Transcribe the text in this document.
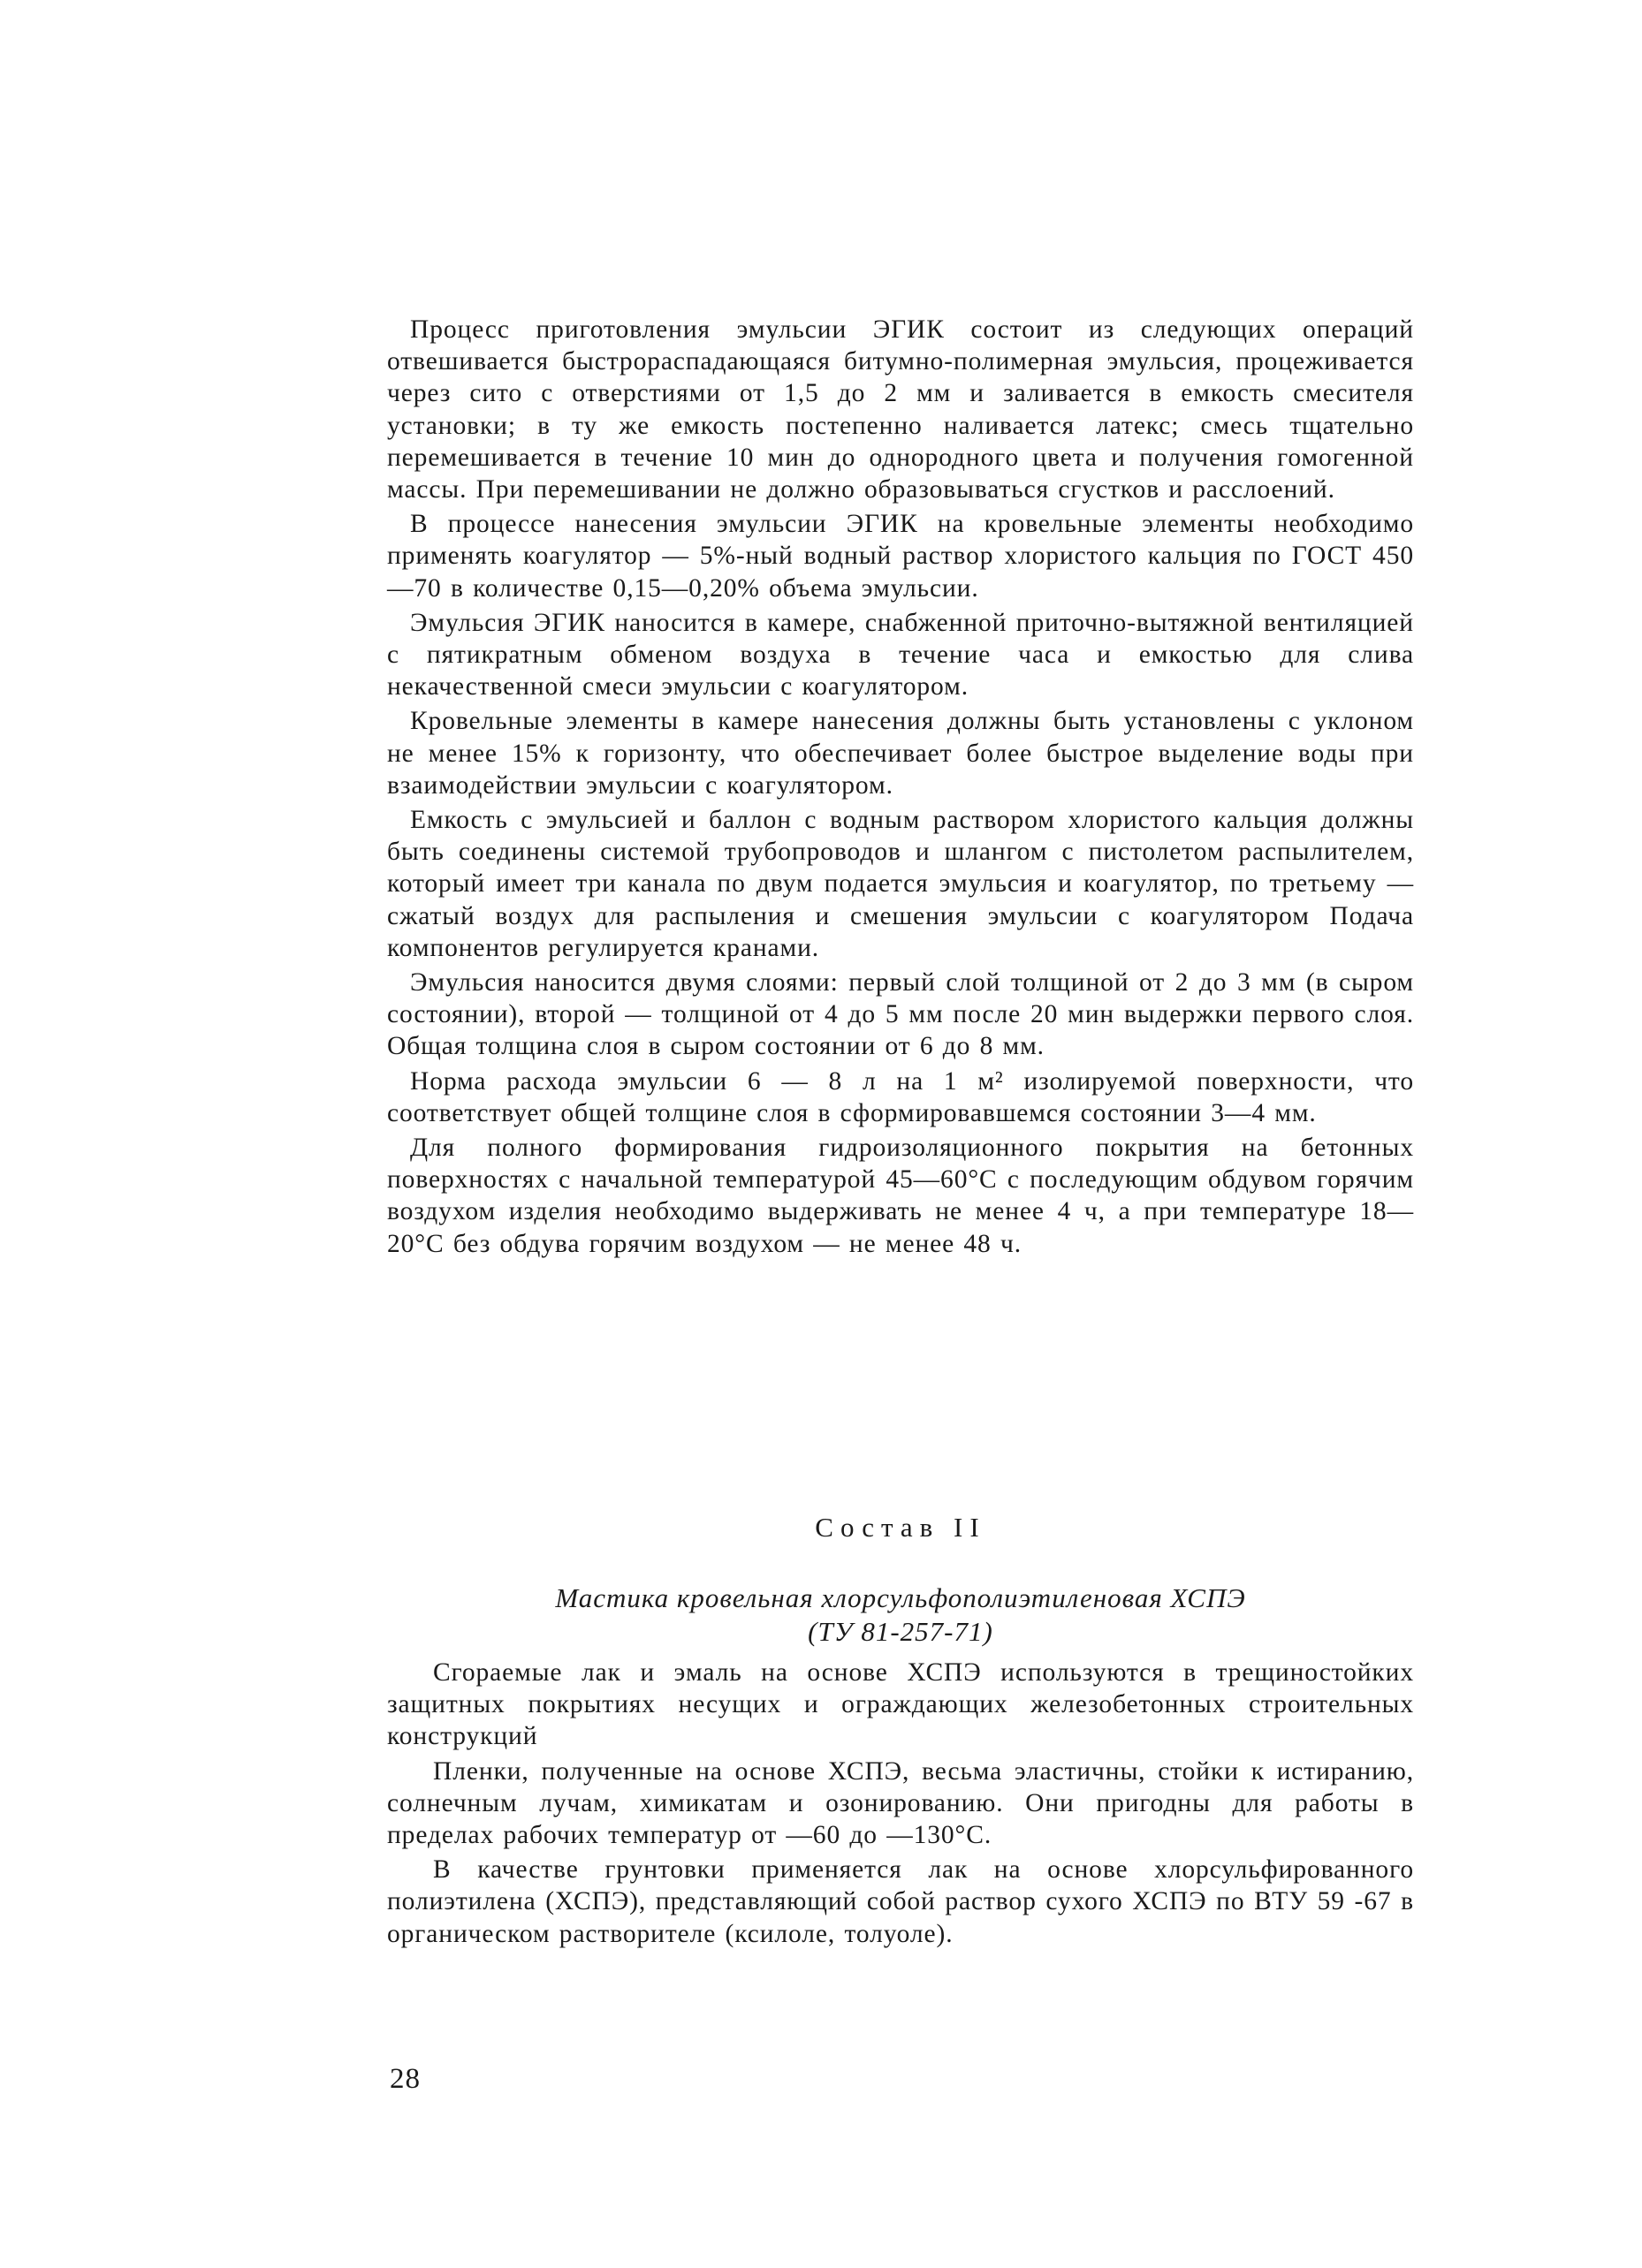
Процесс приготовления эмульсии ЭГИК состоит из следующих операций отвешивается быстрораспадающаяся битумно-полимерная эмульсия, процеживается через сито с отверстиями от 1,5 до 2 мм и заливается в емкость смесителя установки; в ту же емкость постепенно наливается латекс; смесь тщательно перемешивается в течение 10 мин до однородного цвета и получения гомогенной массы. При перемешивании не должно образовываться сгустков и расслоений.

В процессе нанесения эмульсии ЭГИК на кровельные элементы необходимо применять коагулятор — 5%-ный водный раствор хлористого кальция по ГОСТ 450—70 в количестве 0,15—0,20% объема эмульсии.

Эмульсия ЭГИК наносится в камере, снабженной приточно-вытяжной вентиляцией с пятикратным обменом воздуха в течение часа и емкостью для слива некачественной смеси эмульсии с коагулятором.

Кровельные элементы в камере нанесения должны быть установлены с уклоном не менее 15% к горизонту, что обеспечивает более быстрое выделение воды при взаимодействии эмульсии с коагулятором.

Емкость с эмульсией и баллон с водным раствором хлористого кальция должны быть соединены системой трубопроводов и шлангом с пистолетом распылителем, который имеет три канала по двум подается эмульсия и коагулятор, по третьему — сжатый воздух для распыления и смешения эмульсии с коагулятором Подача компонентов регулируется кранами.

Эмульсия наносится двумя слоями: первый слой толщиной от 2 до 3 мм (в сыром состоянии), второй — толщиной от 4 до 5 мм после 20 мин выдержки первого слоя. Общая толщина слоя в сыром состоянии от 6 до 8 мм.

Норма расхода эмульсии 6 — 8 л на 1 м² изолируемой поверхности, что соответствует общей толщине слоя в сформировавшемся состоянии 3—4 мм.

Для полного формирования гидроизоляционного покрытия на бетонных поверхностях с начальной температурой 45—60°С с последующим обдувом горячим воздухом изделия необходимо выдерживать не менее 4 ч, а при температуре 18—20°С без обдува горячим воздухом — не менее 48 ч.

Состав II

Мастика кровельная хлорсульфополиэтиленовая ХСПЭ

(ТУ 81-257-71)

Сгораемые лак и эмаль на основе ХСПЭ используются в трещиностойких защитных покрытиях несущих и ограждающих железобетонных строительных конструкций

Пленки, полученные на основе ХСПЭ, весьма эластичны, стойки к истиранию, солнечным лучам, химикатам и озонированию. Они пригодны для работы в пределах рабочих температур от —60 до —130°С.

В качестве грунтовки применяется лак на основе хлорсульфированного полиэтилена (ХСПЭ), представляющий собой раствор сухого ХСПЭ по ВТУ 59 -67 в органическом растворителе (ксилоле, толуоле).

28
